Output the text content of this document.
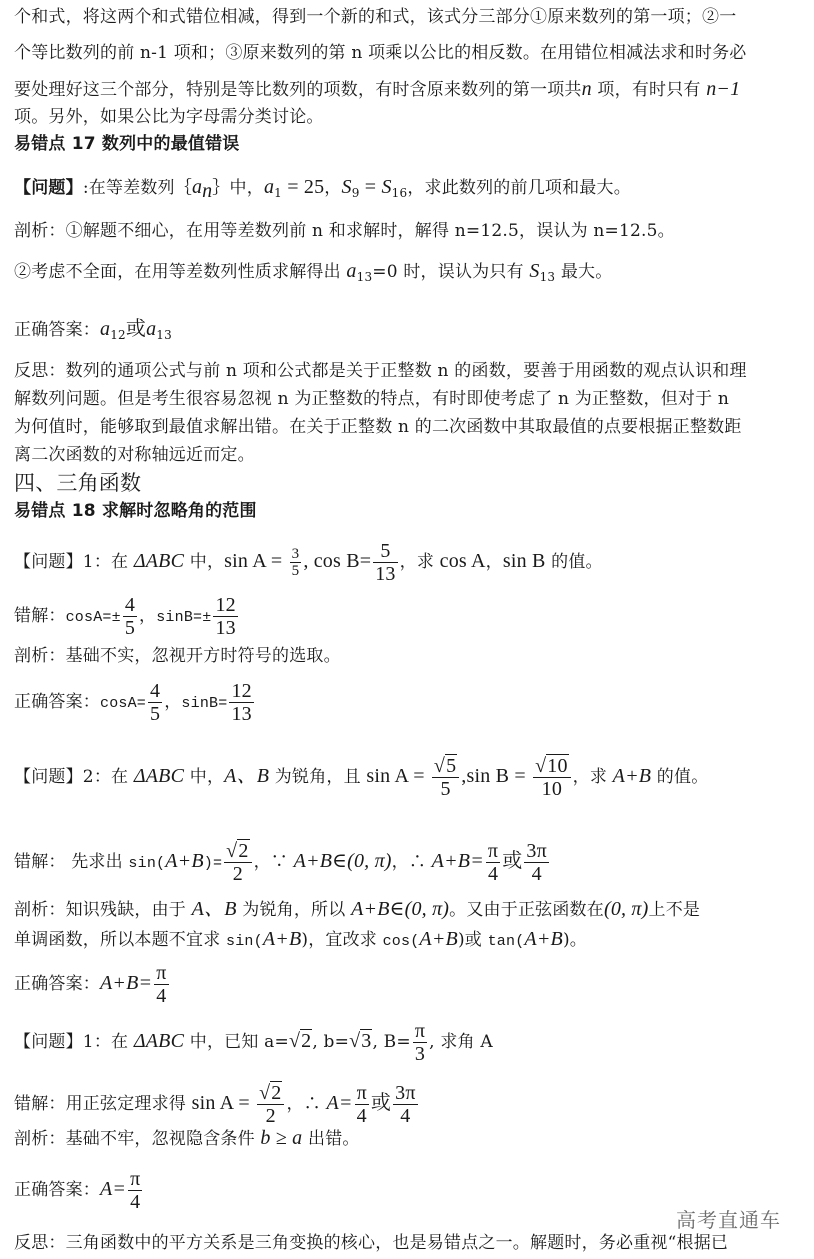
个和式，将这两个和式错位相减，得到一个新的和式，该式分三部分①原来数列的第一项；②一
个等比数列的前 n-1 项和；③原来数列的第 n 项乘以公比的相反数。在用错位相减法求和时务必
要处理好这三个部分，特别是等比数列的项数，有时含原来数列的第一项共n 项，有时只有 n−1
项。另外，如果公比为字母需分类讨论。
易错点 17 数列中的最值错误
【问题】:在等差数列$\{a_n\}$中，$a_1 = 25$，$S_9 = S_{16}$，求此数列的前几项和最大。
剖析：①解题不细心，在用等差数列前 n 和求解时，解得 n=12.5，误认为 n=12.5。
②考虑不全面，在用等差数列性质求解得出 $a_{13}=0$ 时，误认为只有 $S_{13}$ 最大。
正确答案：$a_{12}$或$a_{13}$
反思：数列的通项公式与前 n 项和公式都是关于正整数 n 的函数，要善于用函数的观点认识和理
解数列问题。但是考生很容易忽视 n 为正整数的特点，有时即使考虑了 n 为正整数，但对于 n
为何值时，能够取到最值求解出错。在关于正整数 n 的二次函数中其取最值的点要根据正整数距
离二次函数的对称轴远近而定。
四、三角函数
易错点 18 求解时忽略角的范围
【问题】1：在 ΔABC 中，$\sin A = \frac{3}{5}$ , $\cos B= \frac{5}{13}$ ，求 cos A，sin B 的值。
错解：$\cos A=\pm \frac{4}{5}$ ，$\sin B=\pm \frac{12}{13}$
剖析：基础不实，忽视开方时符号的选取。
正确答案：$\cos A= \frac{4}{5}$ ，$\sin B= \frac{12}{13}$
【问题】2：在 ΔABC 中，A、B 为锐角，且 $\sin A = \frac{√5}{5} ,\sin$ $B = \frac{√10}{10}$ ，求 A+B 的值。
错解： 先求出 $\sin(A+B)= \frac{√2}{2}$ ，∵ A+B∈(0, π)，∴ $A+B= \frac{\pi}{4}$ 或 $\frac{3\pi}{4}$
剖析：知识残缺，由于 A、B 为锐角，所以 A+B∈(0, π)。又由于正弦函数在(0, π)上不是
单调函数，所以本题不宜求 sin(A+B)，宜改求 cos(A+B)或 tan(A+B)。
正确答案：$A+B= \frac{\pi}{4}$
【问题】1：在 ΔABC 中，已知 a=√2, b=√3, $B= \frac{\pi}{3}$ , 求角 A
错解：用正弦定理求得 $\sin A = \frac{√2}{2}$ ，∴ $A= \frac{\pi}{4}$ 或 $\frac{3\pi}{4}$
剖析：基础不牢，忽视隐含条件 b ≥ a 出错。
正确答案：$A= \frac{\pi}{4}$
反思：三角函数中的平方关系是三角变换的核心，也是易错点之一。解题时，务必重视“根据已
高考直通车
